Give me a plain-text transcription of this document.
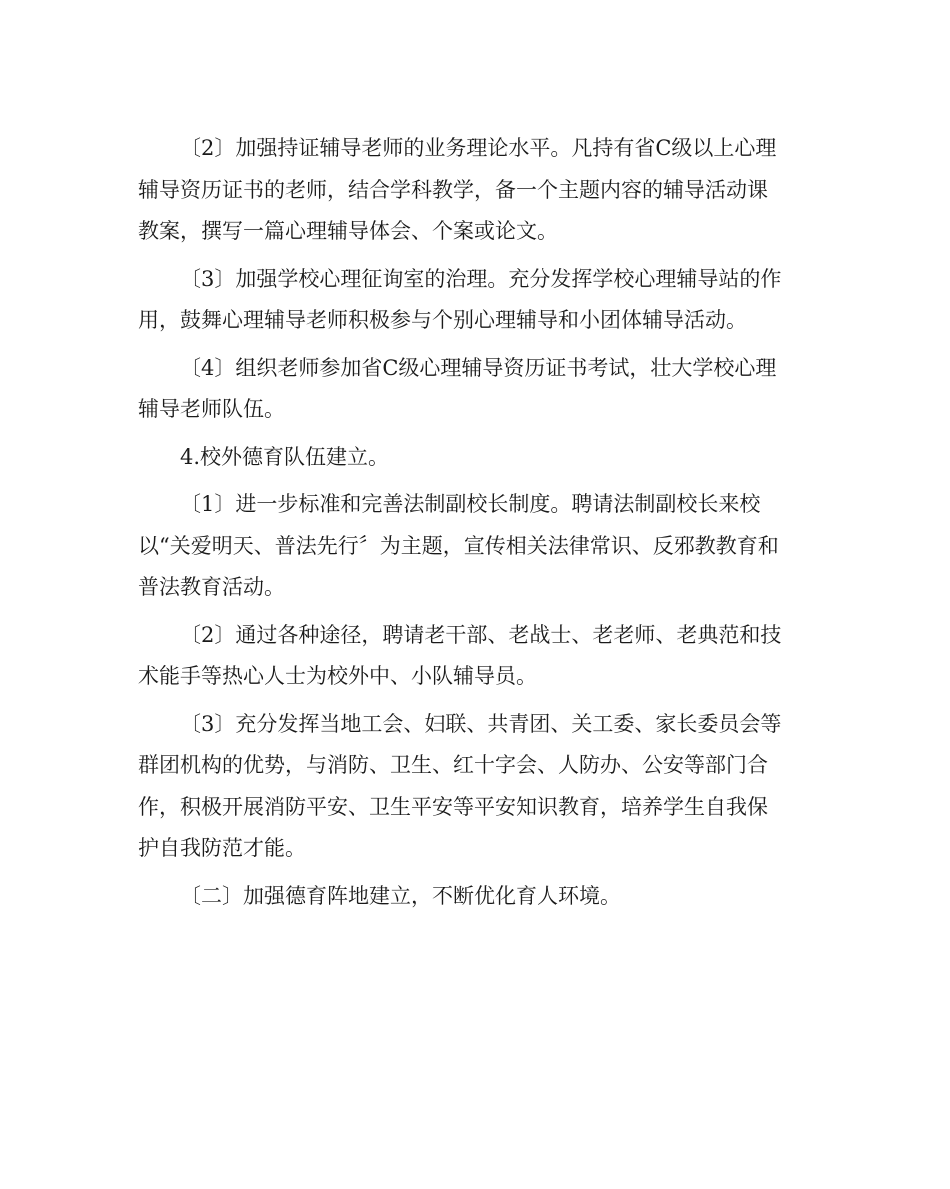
〔2〕加强持证辅导老师的业务理论水平。凡持有省C级以上心理
辅导资历证书的老师，结合学科教学，备一个主题内容的辅导活动课
教案，撰写一篇心理辅导体会、个案或论文。
〔3〕加强学校心理征询室的治理。充分发挥学校心理辅导站的作
用，鼓舞心理辅导老师积极参与个别心理辅导和小团体辅导活动。
〔4〕组织老师参加省C级心理辅导资历证书考试，壮大学校心理
辅导老师队伍。
4.校外德育队伍建立。
〔1〕进一步标准和完善法制副校长制度。聘请法制副校长来校
以“关爱明天、普法先行〞为主题，宣传相关法律常识、反邪教教育和
普法教育活动。
〔2〕通过各种途径，聘请老干部、老战士、老老师、老典范和技
术能手等热心人士为校外中、小队辅导员。
〔3〕充分发挥当地工会、妇联、共青团、关工委、家长委员会等
群团机构的优势，与消防、卫生、红十字会、人防办、公安等部门合
作，积极开展消防平安、卫生平安等平安知识教育，培养学生自我保
护自我防范才能。
〔二〕加强德育阵地建立，不断优化育人环境。
